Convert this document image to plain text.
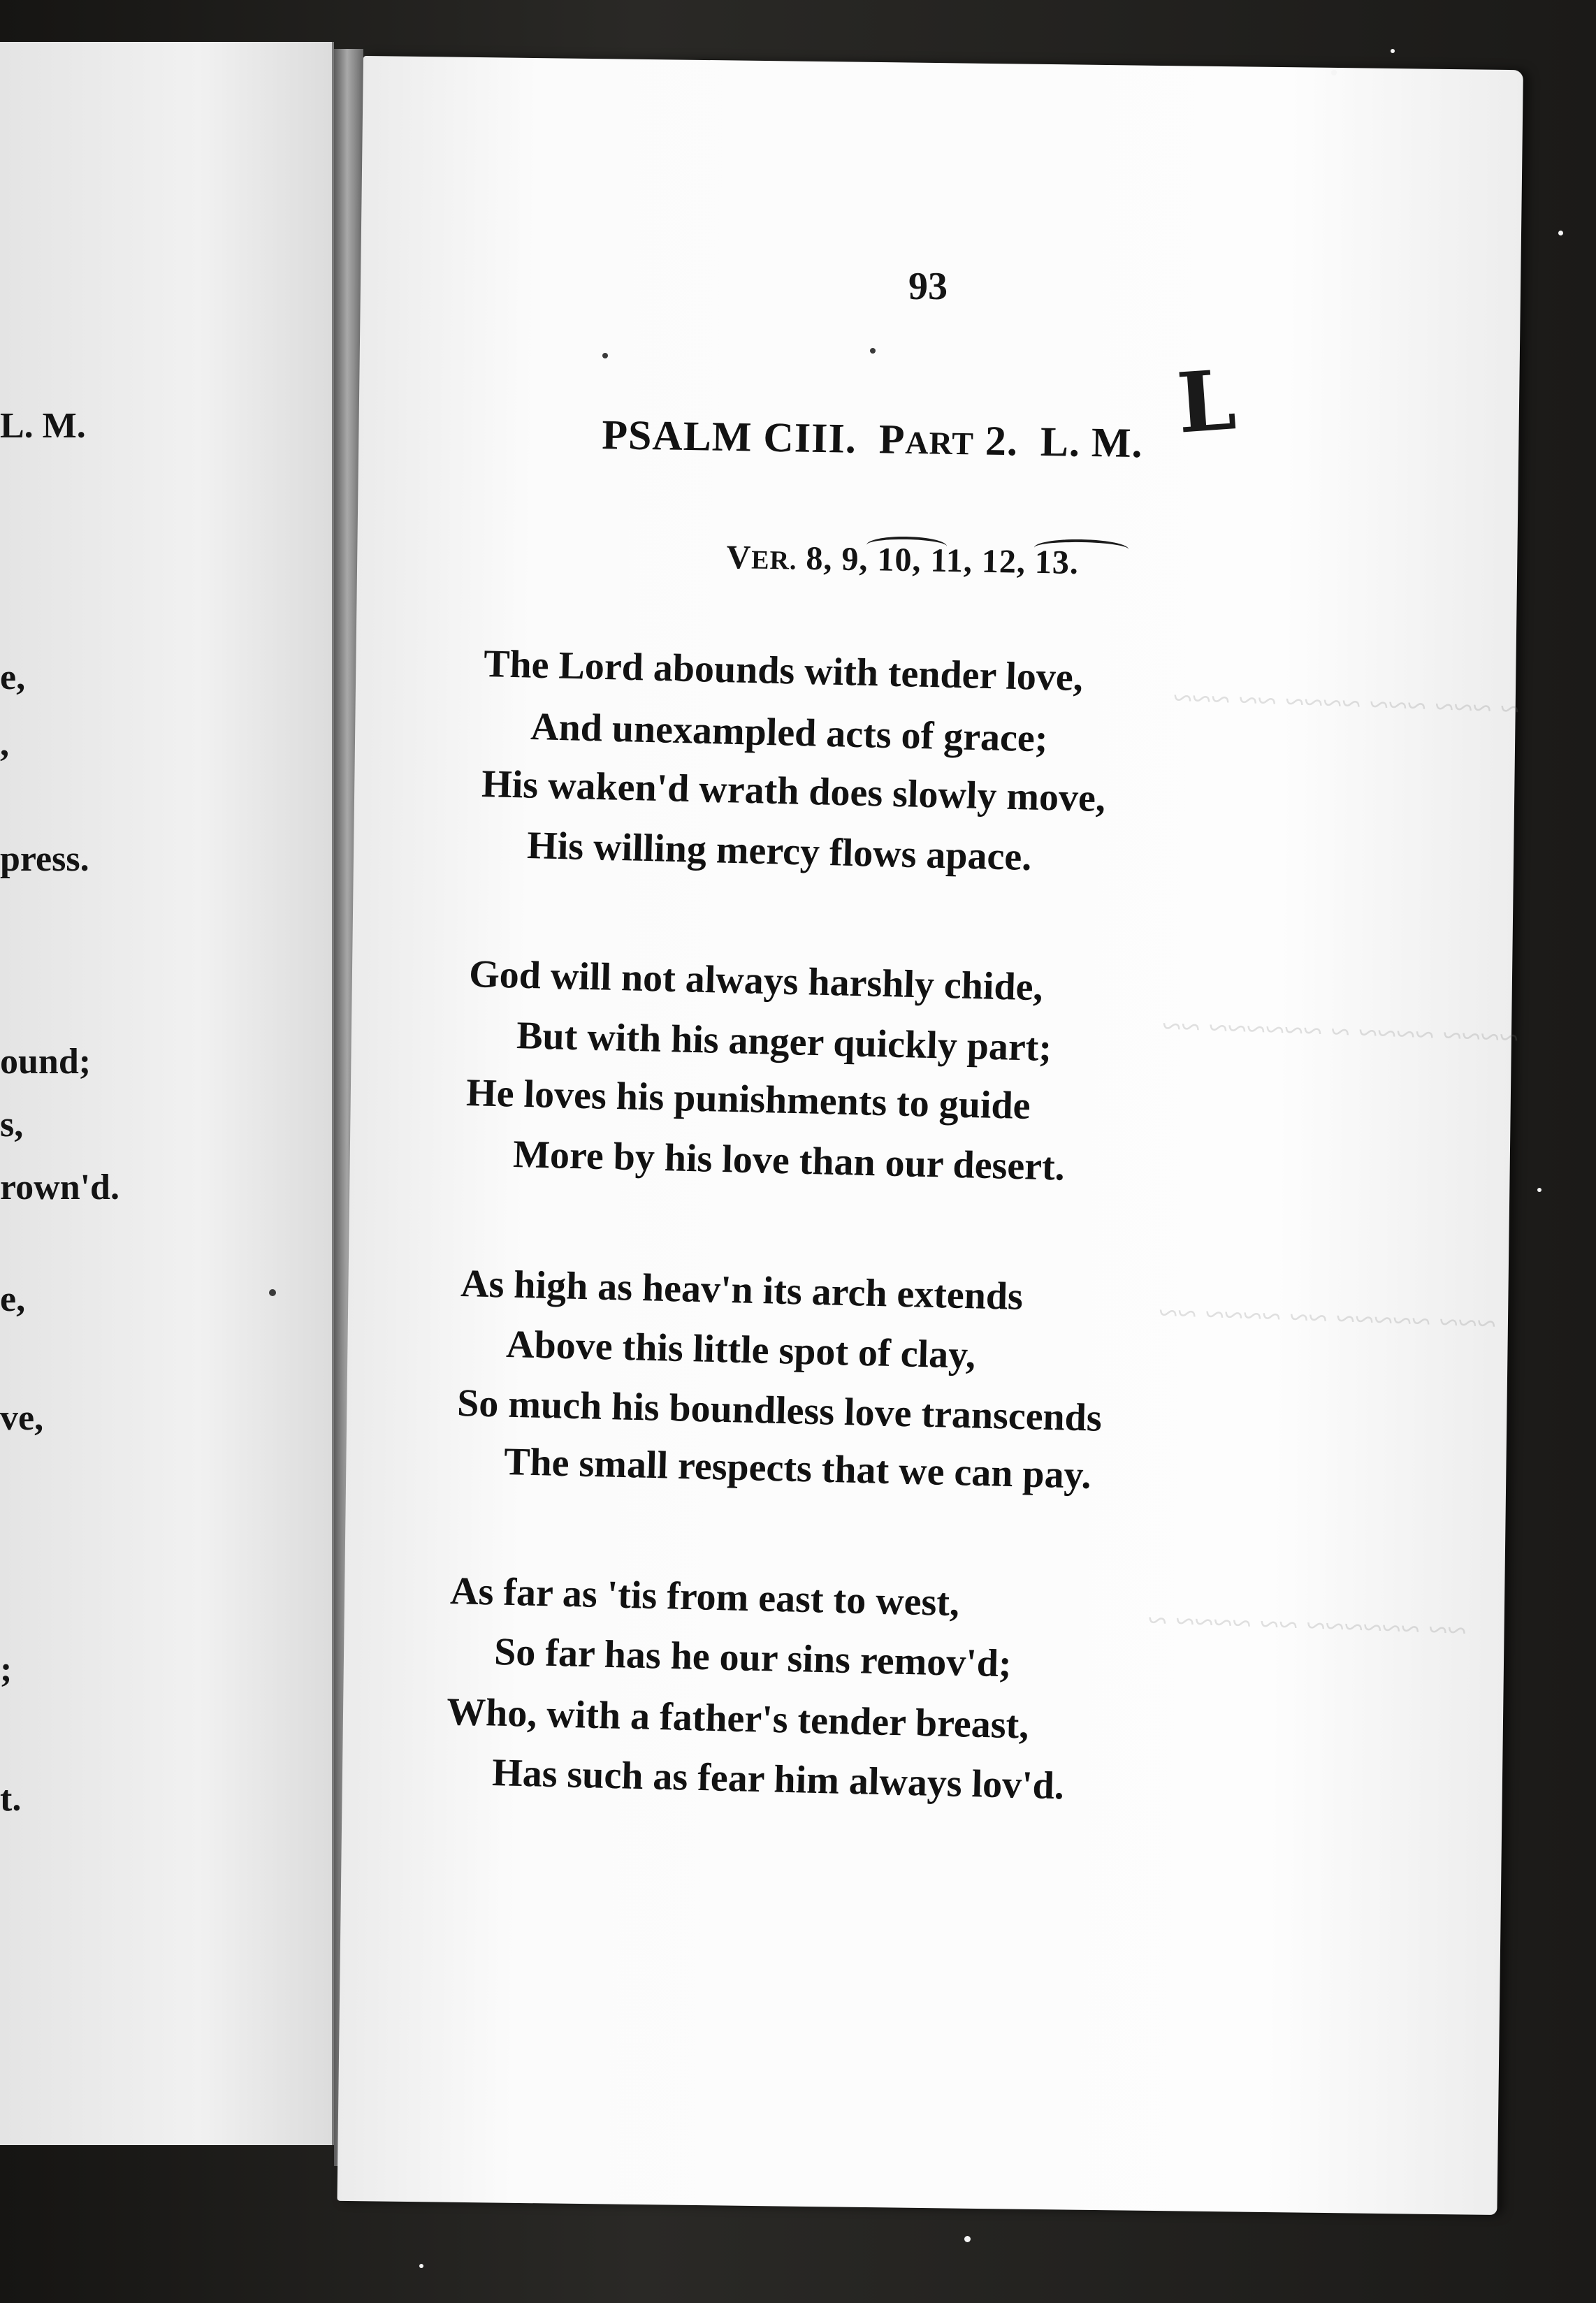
L. M.
e,
,
press.
ound;
s,
rown'd.
e,
ve,
;
t.
~ ~~~ ~~~ ~~~~ ~~ ~~~
~~~~ ~~~~ ~ ~~~~~~ ~~
~~~ ~~~~~ ~~ ~~~~ ~~
~~ ~~~~~~ ~~ ~~~~ ~
93
PSALM CIII. PART 2. L. M. L
VER. 8, 9, 10, 11, 12, 13.
The Lord abounds with tender love,
And unexampled acts of grace;
His waken'd wrath does slowly move,
His willing mercy flows apace.
God will not always harshly chide,
But with his anger quickly part;
He loves his punishments to guide
More by his love than our desert.
As high as heav'n its arch extends
Above this little spot of clay,
So much his boundless love transcends
The small respects that we can pay.
As far as 'tis from east to west,
So far has he our sins remov'd;
Who, with a father's tender breast,
Has such as fear him always lov'd.
